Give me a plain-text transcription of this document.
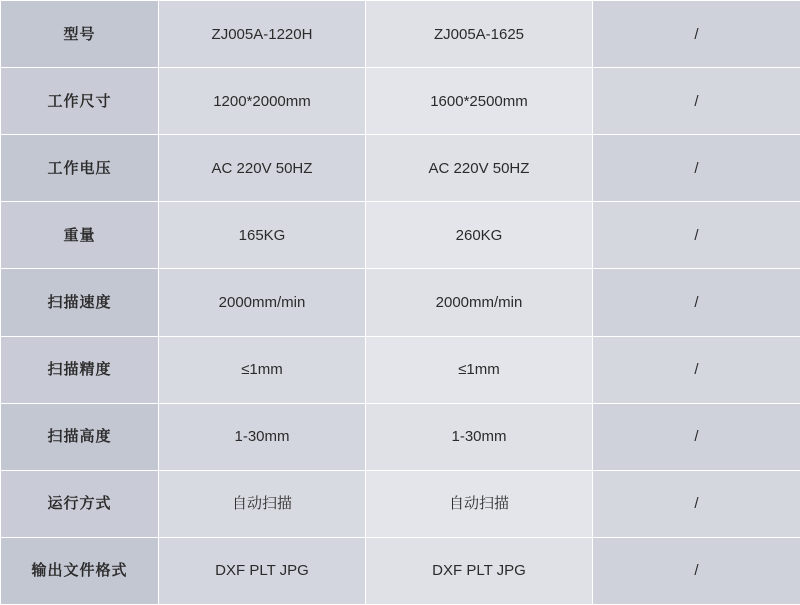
型号	ZJ005A-1220H	ZJ005A-1625	/
工作尺寸	1200*2000mm	1600*2500mm	/
工作电压	AC 220V 50HZ	AC 220V 50HZ	/
重量	165KG	260KG	/
扫描速度	2000mm/min	2000mm/min	/
扫描精度	≤1mm	≤1mm	/
扫描高度	1-30mm	1-30mm	/
运行方式	自动扫描	自动扫描	/
输出文件格式	DXF PLT JPG	DXF PLT JPG	/
